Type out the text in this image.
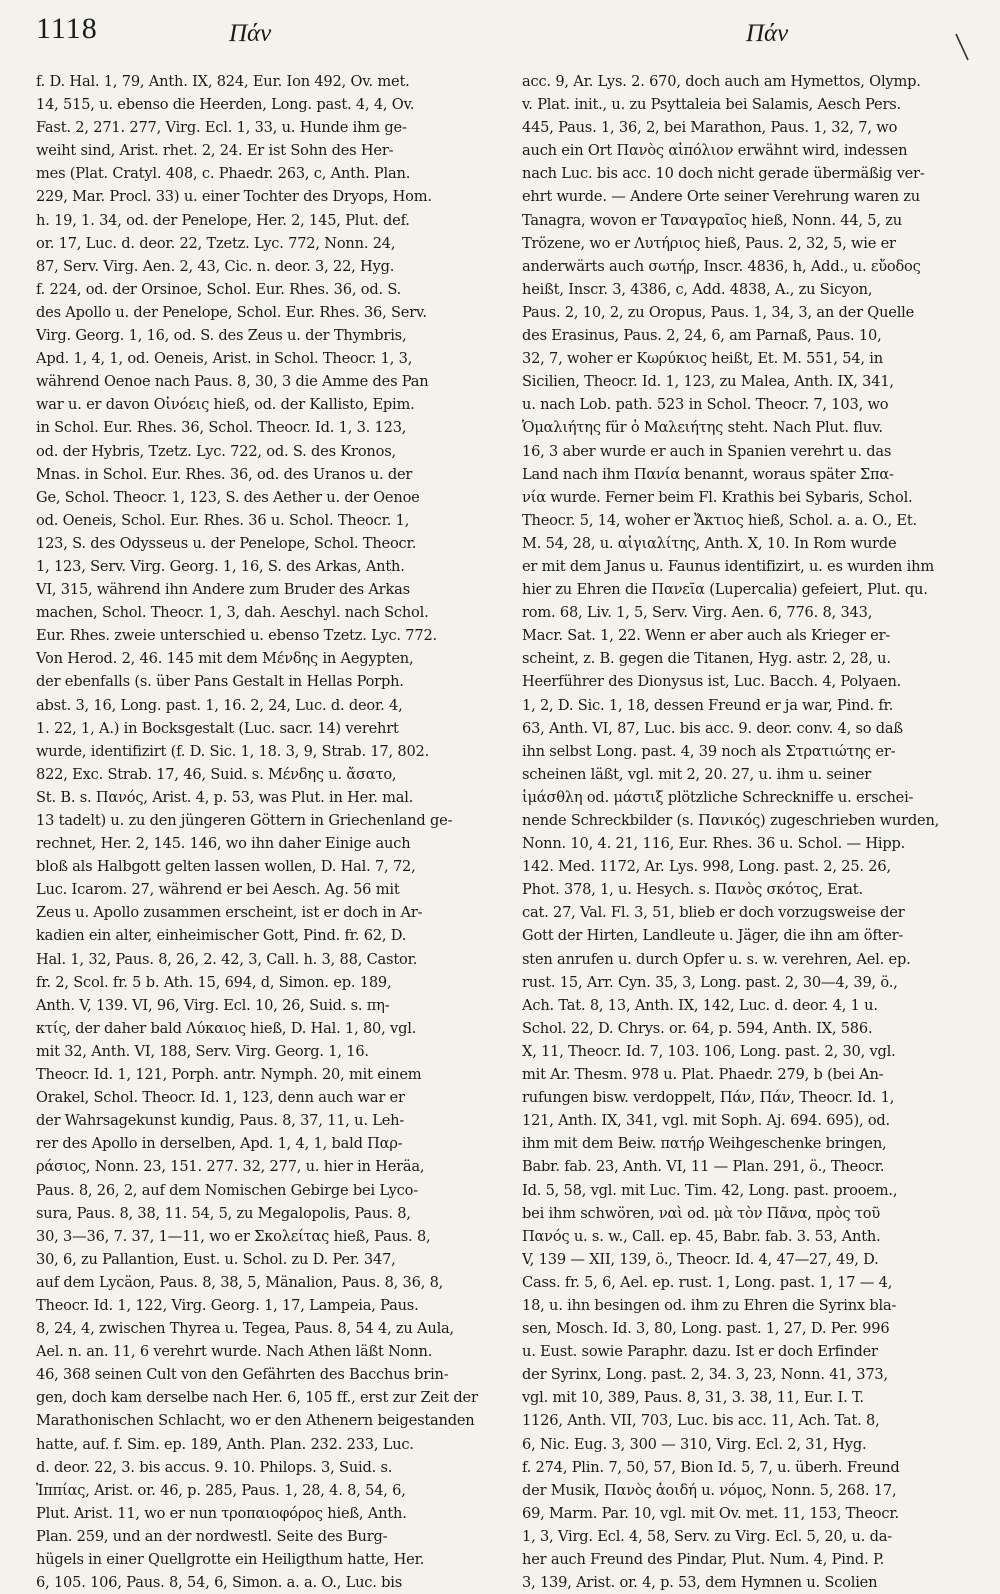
1118	Πάν	Πάν
f. D. Hal. 1, 79, Anth. IX, 824, Eur. Ion 492, Ov. met.
14, 515, u. ebenso die Heerden, Long. past. 4, 4, Ov.
Fast. 2, 271. 277, Virg. Ecl. 1, 33, u. Hunde ihm ge-
weiht sind, Arist. rhet. 2, 24. Er ist Sohn des Her-
mes (Plat. Cratyl. 408, c. Phaedr. 263, c, Anth. Plan.
229, Mar. Procl. 33) u. einer Tochter des Dryops, Hom.
h. 19, 1. 34, od. der Penelope, Her. 2, 145, Plut. def.
or. 17, Luc. d. deor. 22, Tzetz. Lyc. 772, Nonn. 24,
87, Serv. Virg. Aen. 2, 43, Cic. n. deor. 3, 22, Hyg.
f. 224, od. der Orsinoe, Schol. Eur. Rhes. 36, od. S.
des Apollo u. der Penelope, Schol. Eur. Rhes. 36, Serv.
Virg. Georg. 1, 16, od. S. des Zeus u. der Thymbris,
Apd. 1, 4, 1, od. Oeneis, Arist. in Schol. Theocr. 1, 3,
während Oenoe nach Paus. 8, 30, 3 die Amme des Pan
war u. er davon Οἰνόεις hieß, od. der Kallisto, Epim.
in Schol. Eur. Rhes. 36, Schol. Theocr. Id. 1, 3. 123,
od. der Hybris, Tzetz. Lyc. 722, od. S. des Kronos,
Mnas. in Schol. Eur. Rhes. 36, od. des Uranos u. der
Ge, Schol. Theocr. 1, 123, S. des Aether u. der Oenoe
od. Oeneis, Schol. Eur. Rhes. 36 u. Schol. Theocr. 1,
123, S. des Odysseus u. der Penelope, Schol. Theocr.
1, 123, Serv. Virg. Georg. 1, 16, S. des Arkas, Anth.
VI, 315, während ihn Andere zum Bruder des Arkas
machen, Schol. Theocr. 1, 3, dah. Aeschyl. nach Schol.
Eur. Rhes. zweie unterschied u. ebenso Tzetz. Lyc. 772.
Von Herod. 2, 46. 145 mit dem Μένδης in Aegypten,
der ebenfalls (s. über Pans Gestalt in Hellas Porph.
abst. 3, 16, Long. past. 1, 16. 2, 24, Luc. d. deor. 4,
1. 22, 1, A.) in Bocksgestalt (Luc. sacr. 14) verehrt
wurde, identifizirt (f. D. Sic. 1, 18. 3, 9, Strab. 17, 802.
822, Exc. Strab. 17, 46, Suid. s. Μένδης u. ἄσατο,
St. B. s. Πανός, Arist. 4, p. 53, was Plut. in Her. mal.
13 tadelt) u. zu den jüngeren Göttern in Griechenland ge-
rechnet, Her. 2, 145. 146, wo ihn daher Einige auch
bloß als Halbgott gelten lassen wollen, D. Hal. 7, 72,
Luc. Icarom. 27, während er bei Aesch. Ag. 56 mit
Zeus u. Apollo zusammen erscheint, ist er doch in Ar-
kadien ein alter, einheimischer Gott, Pind. fr. 62, D.
Hal. 1, 32, Paus. 8, 26, 2. 42, 3, Call. h. 3, 88, Castor.
fr. 2, Scol. fr. 5 b. Ath. 15, 694, d, Simon. ep. 189,
Anth. V, 139. VI, 96, Virg. Ecl. 10, 26, Suid. s. πη-
κτίς, der daher bald Λύκαιος hieß, D. Hal. 1, 80, vgl.
mit 32, Anth. VI, 188, Serv. Virg. Georg. 1, 16.
Theocr. Id. 1, 121, Porph. antr. Nymph. 20, mit einem
Orakel, Schol. Theocr. Id. 1, 123, denn auch war er
der Wahrsagekunst kundig, Paus. 8, 37, 11, u. Leh-
rer des Apollo in derselben, Apd. 1, 4, 1, bald Παρ-
ράσιος, Nonn. 23, 151. 277. 32, 277, u. hier in Heräa,
Paus. 8, 26, 2, auf dem Nomischen Gebirge bei Lyco-
sura, Paus. 8, 38, 11. 54, 5, zu Megalopolis, Paus. 8,
30, 3—36, 7. 37, 1—11, wo er Σκολείτας hieß, Paus. 8,
30, 6, zu Pallantion, Eust. u. Schol. zu D. Per. 347,
auf dem Lycäon, Paus. 8, 38, 5, Mänalion, Paus. 8, 36, 8,
Theocr. Id. 1, 122, Virg. Georg. 1, 17, Lampeia, Paus.
8, 24, 4, zwischen Thyrea u. Tegea, Paus. 8, 54 4, zu Aula,
Ael. n. an. 11, 6 verehrt wurde. Nach Athen läßt Nonn.
46, 368 seinen Cult von den Gefährten des Bacchus brin-
gen, doch kam derselbe nach Her. 6, 105 ff., erst zur Zeit der
Marathonischen Schlacht, wo er den Athenern beigestanden
hatte, auf. f. Sim. ep. 189, Anth. Plan. 232. 233, Luc.
d. deor. 22, 3. bis accus. 9. 10. Philops. 3, Suid. s.
Ἱππίας, Arist. or. 46, p. 285, Paus. 1, 28, 4. 8, 54, 6,
Plut. Arist. 11, wo er nun τροπαιοφόρος hieß, Anth.
Plan. 259, und an der nordwestl. Seite des Burg-
hügels in einer Quellgrotte ein Heiligthum hatte, Her.
6, 105. 106, Paus. 8, 54, 6, Simon. a. a. O., Luc. bis
acc. 9, Ar. Lys. 2. 670, doch auch am Hymettos, Olymp.
v. Plat. init., u. zu Psyttaleia bei Salamis, Aesch Pers.
445, Paus. 1, 36, 2, bei Marathon, Paus. 1, 32, 7, wo
auch ein Ort Πανὸς αἰπόλιον erwähnt wird, indessen
nach Luc. bis acc. 10 doch nicht gerade übermäßig ver-
ehrt wurde. — Andere Orte seiner Verehrung waren zu
Tanagra, wovon er Ταναγραῖος hieß, Nonn. 44, 5, zu
Trözene, wo er Λυτήριος hieß, Paus. 2, 32, 5, wie er
anderwärts auch σωτήρ, Inscr. 4836, h, Add., u. εὔοδος
heißt, Inscr. 3, 4386, c, Add. 4838, A., zu Sicyon,
Paus. 2, 10, 2, zu Oropus, Paus. 1, 34, 3, an der Quelle
des Erasinus, Paus. 2, 24, 6, am Parnaß, Paus. 10,
32, 7, woher er Κωρύκιος heißt, Et. M. 551, 54, in
Sicilien, Theocr. Id. 1, 123, zu Malea, Anth. IX, 341,
u. nach Lob. path. 523 in Schol. Theocr. 7, 103, wo
Ὁμαλιήτης für ὁ Μαλειήτης steht. Nach Plut. fluv.
16, 3 aber wurde er auch in Spanien verehrt u. das
Land nach ihm Πανία benannt, woraus später Σπα-
νία wurde. Ferner beim Fl. Krathis bei Sybaris, Schol.
Theocr. 5, 14, woher er Ἄκτιος hieß, Schol. a. a. O., Et.
M. 54, 28, u. αἰγιαλίτης, Anth. X, 10. In Rom wurde
er mit dem Janus u. Faunus identifizirt, u. es wurden ihm
hier zu Ehren die Πανεῖα (Lupercalia) gefeiert, Plut. qu.
rom. 68, Liv. 1, 5, Serv. Virg. Aen. 6, 776. 8, 343,
Macr. Sat. 1, 22. Wenn er aber auch als Krieger er-
scheint, z. B. gegen die Titanen, Hyg. astr. 2, 28, u.
Heerführer des Dionysus ist, Luc. Bacch. 4, Polyaen.
1, 2, D. Sic. 1, 18, dessen Freund er ja war, Pind. fr.
63, Anth. VI, 87, Luc. bis acc. 9. deor. conv. 4, so daß
ihn selbst Long. past. 4, 39 noch als Στρατιώτης er-
scheinen läßt, vgl. mit 2, 20. 27, u. ihm u. seiner
ἱμάσθλη od. μάστιξ plötzliche Schreckniffe u. erschei-
nende Schreckbilder (s. Πανικός) zugeschrieben wurden,
Nonn. 10, 4. 21, 116, Eur. Rhes. 36 u. Schol. — Hipp.
142. Med. 1172, Ar. Lys. 998, Long. past. 2, 25. 26,
Phot. 378, 1, u. Hesych. s. Πανὸς σκότος, Erat.
cat. 27, Val. Fl. 3, 51, blieb er doch vorzugsweise der
Gott der Hirten, Landleute u. Jäger, die ihn am öfter-
sten anrufen u. durch Opfer u. s. w. verehren, Ael. ep.
rust. 15, Arr. Cyn. 35, 3, Long. past. 2, 30—4, 39, ö.,
Ach. Tat. 8, 13, Anth. IX, 142, Luc. d. deor. 4, 1 u.
Schol. 22, D. Chrys. or. 64, p. 594, Anth. IX, 586.
X, 11, Theocr. Id. 7, 103. 106, Long. past. 2, 30, vgl.
mit Ar. Thesm. 978 u. Plat. Phaedr. 279, b (bei An-
rufungen bisw. verdoppelt, Πάν, Πάν, Theocr. Id. 1,
121, Anth. IX, 341, vgl. mit Soph. Aj. 694. 695), od.
ihm mit dem Beiw. πατήρ Weihgeschenke bringen,
Babr. fab. 23, Anth. VI, 11 — Plan. 291, ö., Theocr.
Id. 5, 58, vgl. mit Luc. Tim. 42, Long. past. prooem.,
bei ihm schwören, ναὶ od. μὰ τὸν Πᾶνα, πρὸς τοῦ
Πανός u. s. w., Call. ep. 45, Babr. fab. 3. 53, Anth.
V, 139 — XII, 139, ö., Theocr. Id. 4, 47—27, 49, D.
Cass. fr. 5, 6, Ael. ep. rust. 1, Long. past. 1, 17 — 4,
18, u. ihn besingen od. ihm zu Ehren die Syrinx bla-
sen, Mosch. Id. 3, 80, Long. past. 1, 27, D. Per. 996
u. Eust. sowie Paraphr. dazu. Ist er doch Erfinder
der Syrinx, Long. past. 2, 34. 3, 23, Nonn. 41, 373,
vgl. mit 10, 389, Paus. 8, 31, 3. 38, 11, Eur. I. T.
1126, Anth. VII, 703, Luc. bis acc. 11, Ach. Tat. 8,
6, Nic. Eug. 3, 300 — 310, Virg. Ecl. 2, 31, Hyg.
f. 274, Plin. 7, 50, 57, Bion Id. 5, 7, u. überh. Freund
der Musik, Πανὸς ἀοιδή u. νόμος, Nonn. 5, 268. 17,
69, Marm. Par. 10, vgl. mit Ov. met. 11, 153, Theocr.
1, 3, Virg. Ecl. 4, 58, Serv. zu Virg. Ecl. 5, 20, u. da-
her auch Freund des Pindar, Plut. Num. 4, Pind. P.
3, 139, Arist. or. 4, p. 53, dem Hymnen u. Scolien
